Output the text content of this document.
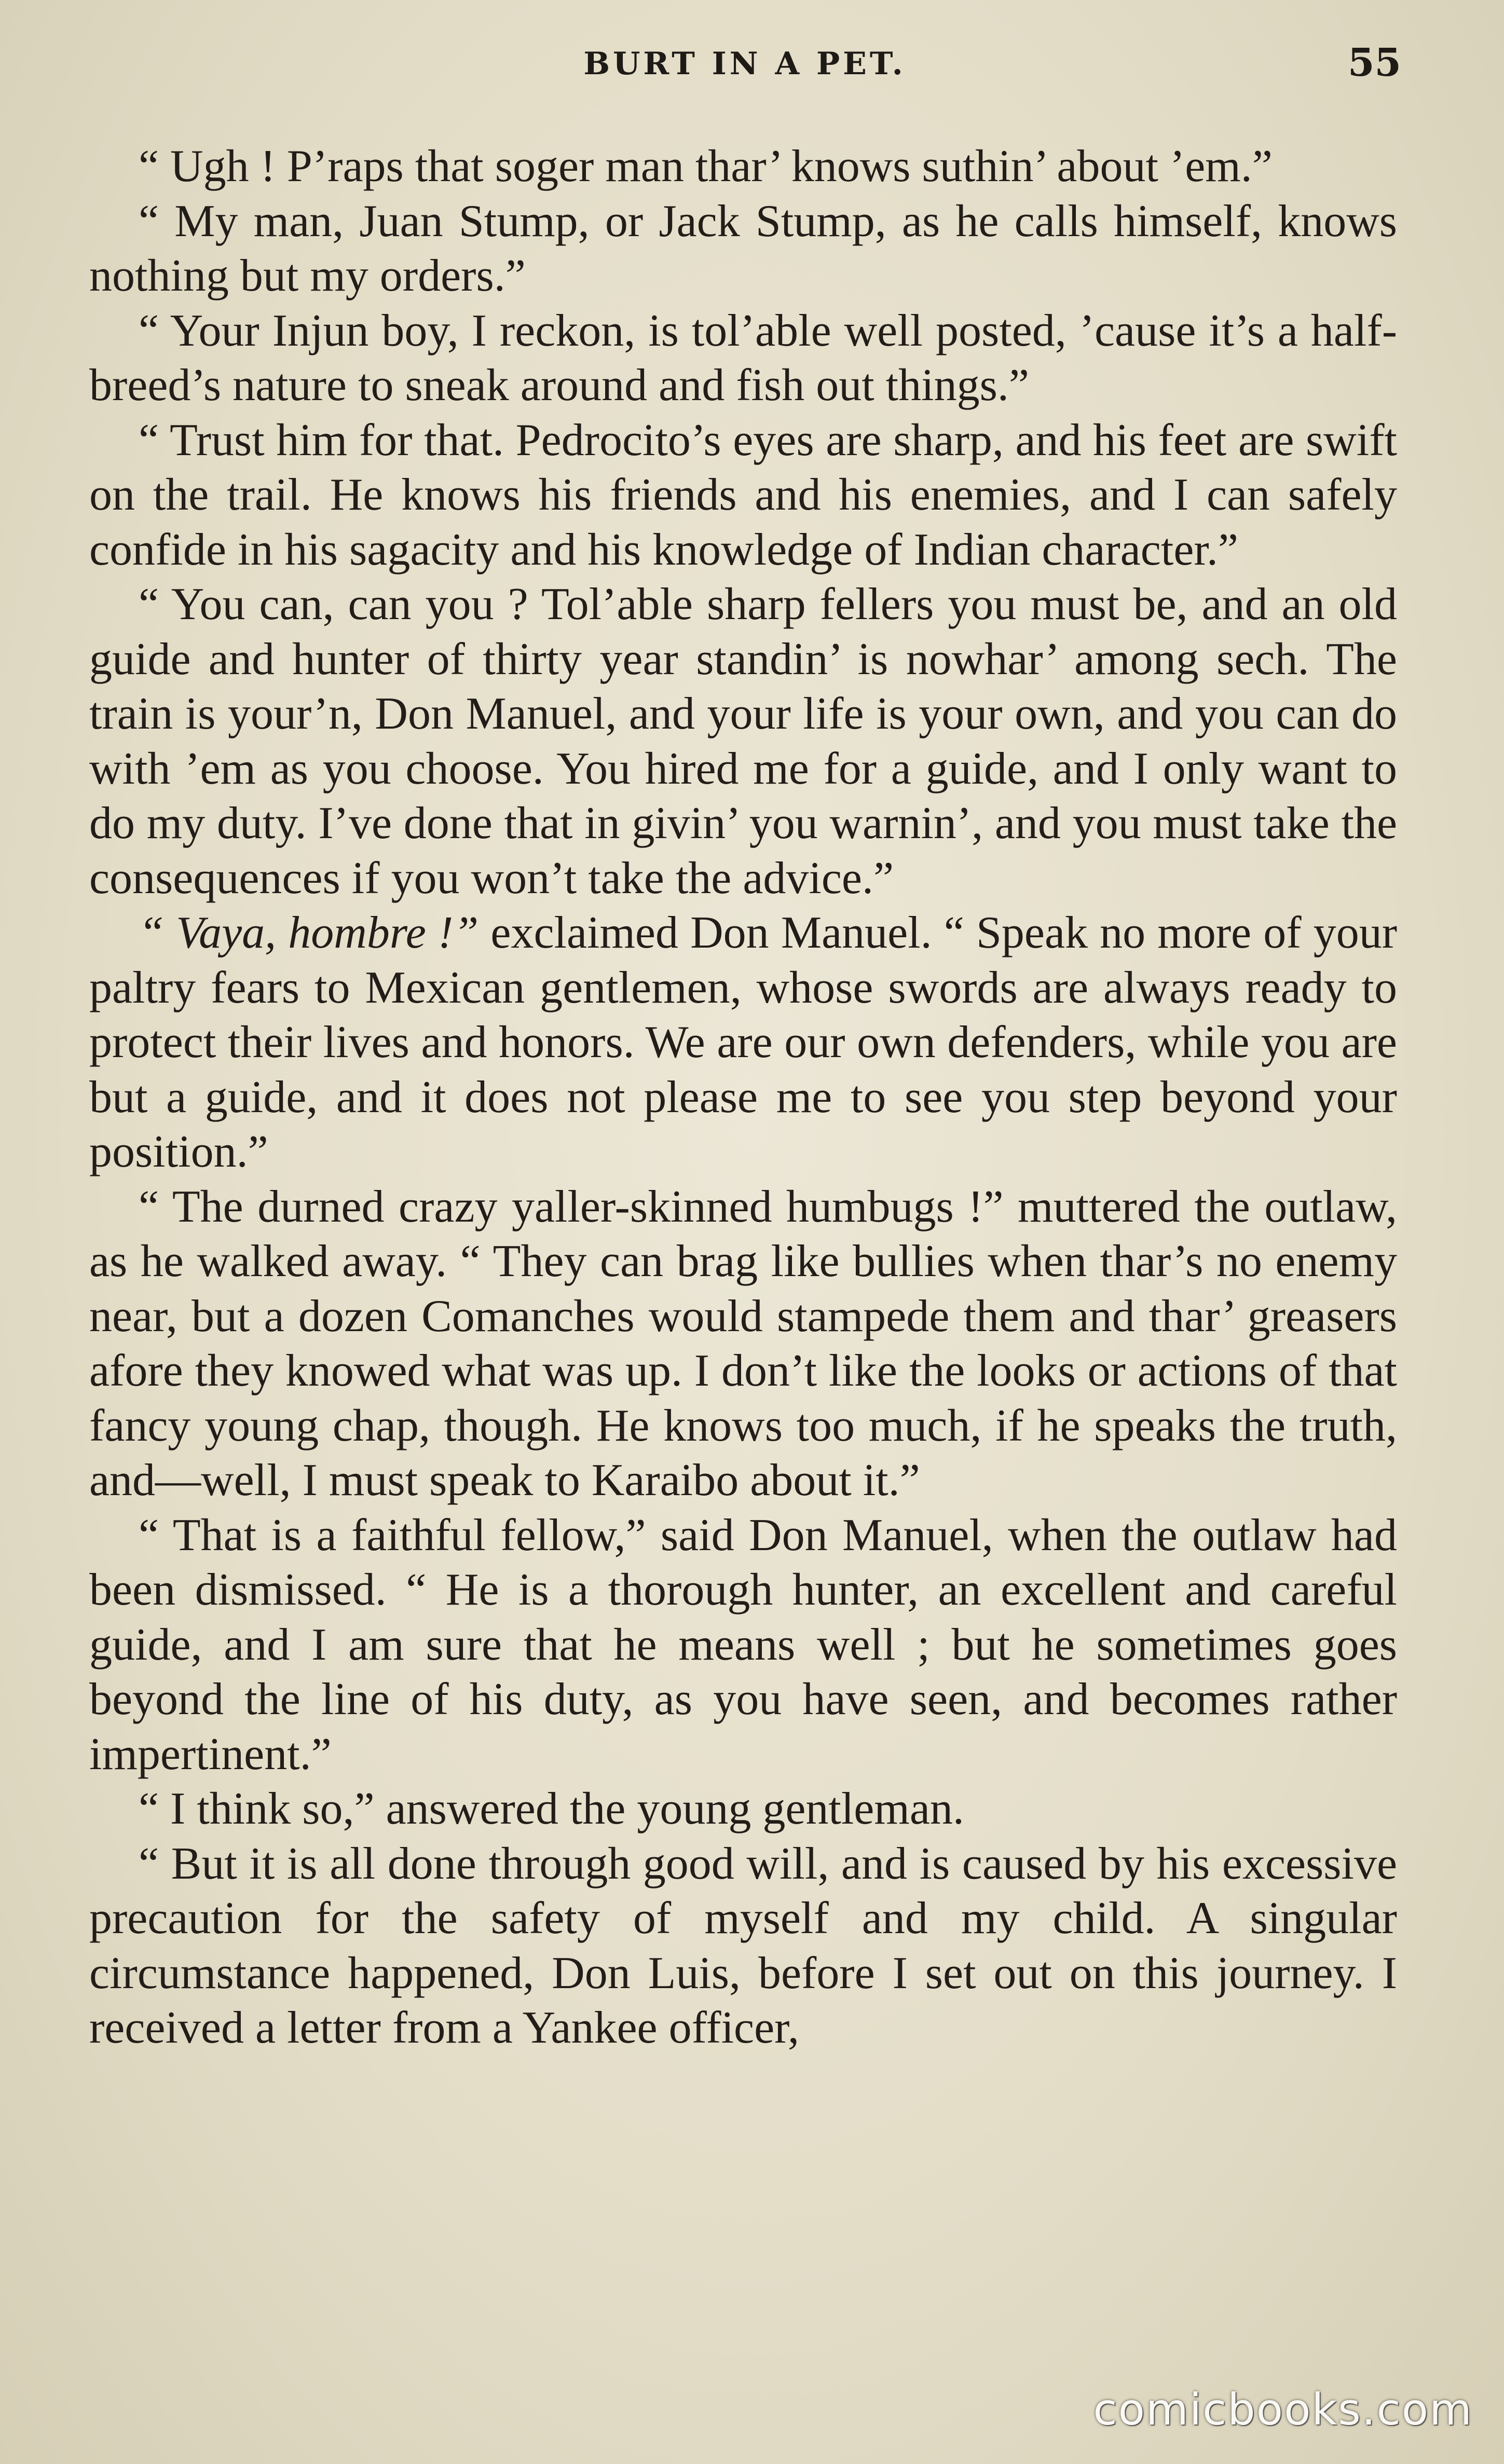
BURT IN A PET.	55

“ Ugh ! P’raps that soger man thar’ knows suthin’ about ’em.”

“ My man, Juan Stump, or Jack Stump, as he calls himself, knows nothing but my orders.”

“ Your Injun boy, I reckon, is tol’able well posted, ’cause it’s a half-breed’s nature to sneak around and fish out things.”

“ Trust him for that. Pedrocito’s eyes are sharp, and his feet are swift on the trail. He knows his friends and his enemies, and I can safely confide in his sagacity and his knowledge of Indian character.”

“ You can, can you ? Tol’able sharp fellers you must be, and an old guide and hunter of thirty year standin’ is nowhar’ among sech. The train is your’n, Don Manuel, and your life is your own, and you can do with ’em as you choose. You hired me for a guide, and I only want to do my duty. I’ve done that in givin’ you warnin’, and you must take the consequences if you won’t take the advice.”

“ Vaya, hombre !” exclaimed Don Manuel. “ Speak no more of your paltry fears to Mexican gentlemen, whose swords are always ready to protect their lives and honors. We are our own defenders, while you are but a guide, and it does not please me to see you step beyond your position.”

“ The durned crazy yaller-skinned humbugs !” muttered the outlaw, as he walked away. “ They can brag like bullies when thar’s no enemy near, but a dozen Comanches would stampede them and thar’ greasers afore they knowed what was up. I don’t like the looks or actions of that fancy young chap, though. He knows too much, if he speaks the truth, and—well, I must speak to Karaibo about it.”

“ That is a faithful fellow,” said Don Manuel, when the outlaw had been dismissed. “ He is a thorough hunter, an excellent and careful guide, and I am sure that he means well ; but he sometimes goes beyond the line of his duty, as you have seen, and becomes rather impertinent.”

“ I think so,” answered the young gentleman.

“ But it is all done through good will, and is caused by his excessive precaution for the safety of myself and my child. A singular circumstance happened, Don Luis, before I set out on this journey. I received a letter from a Yankee officer,

comicbooks.com
